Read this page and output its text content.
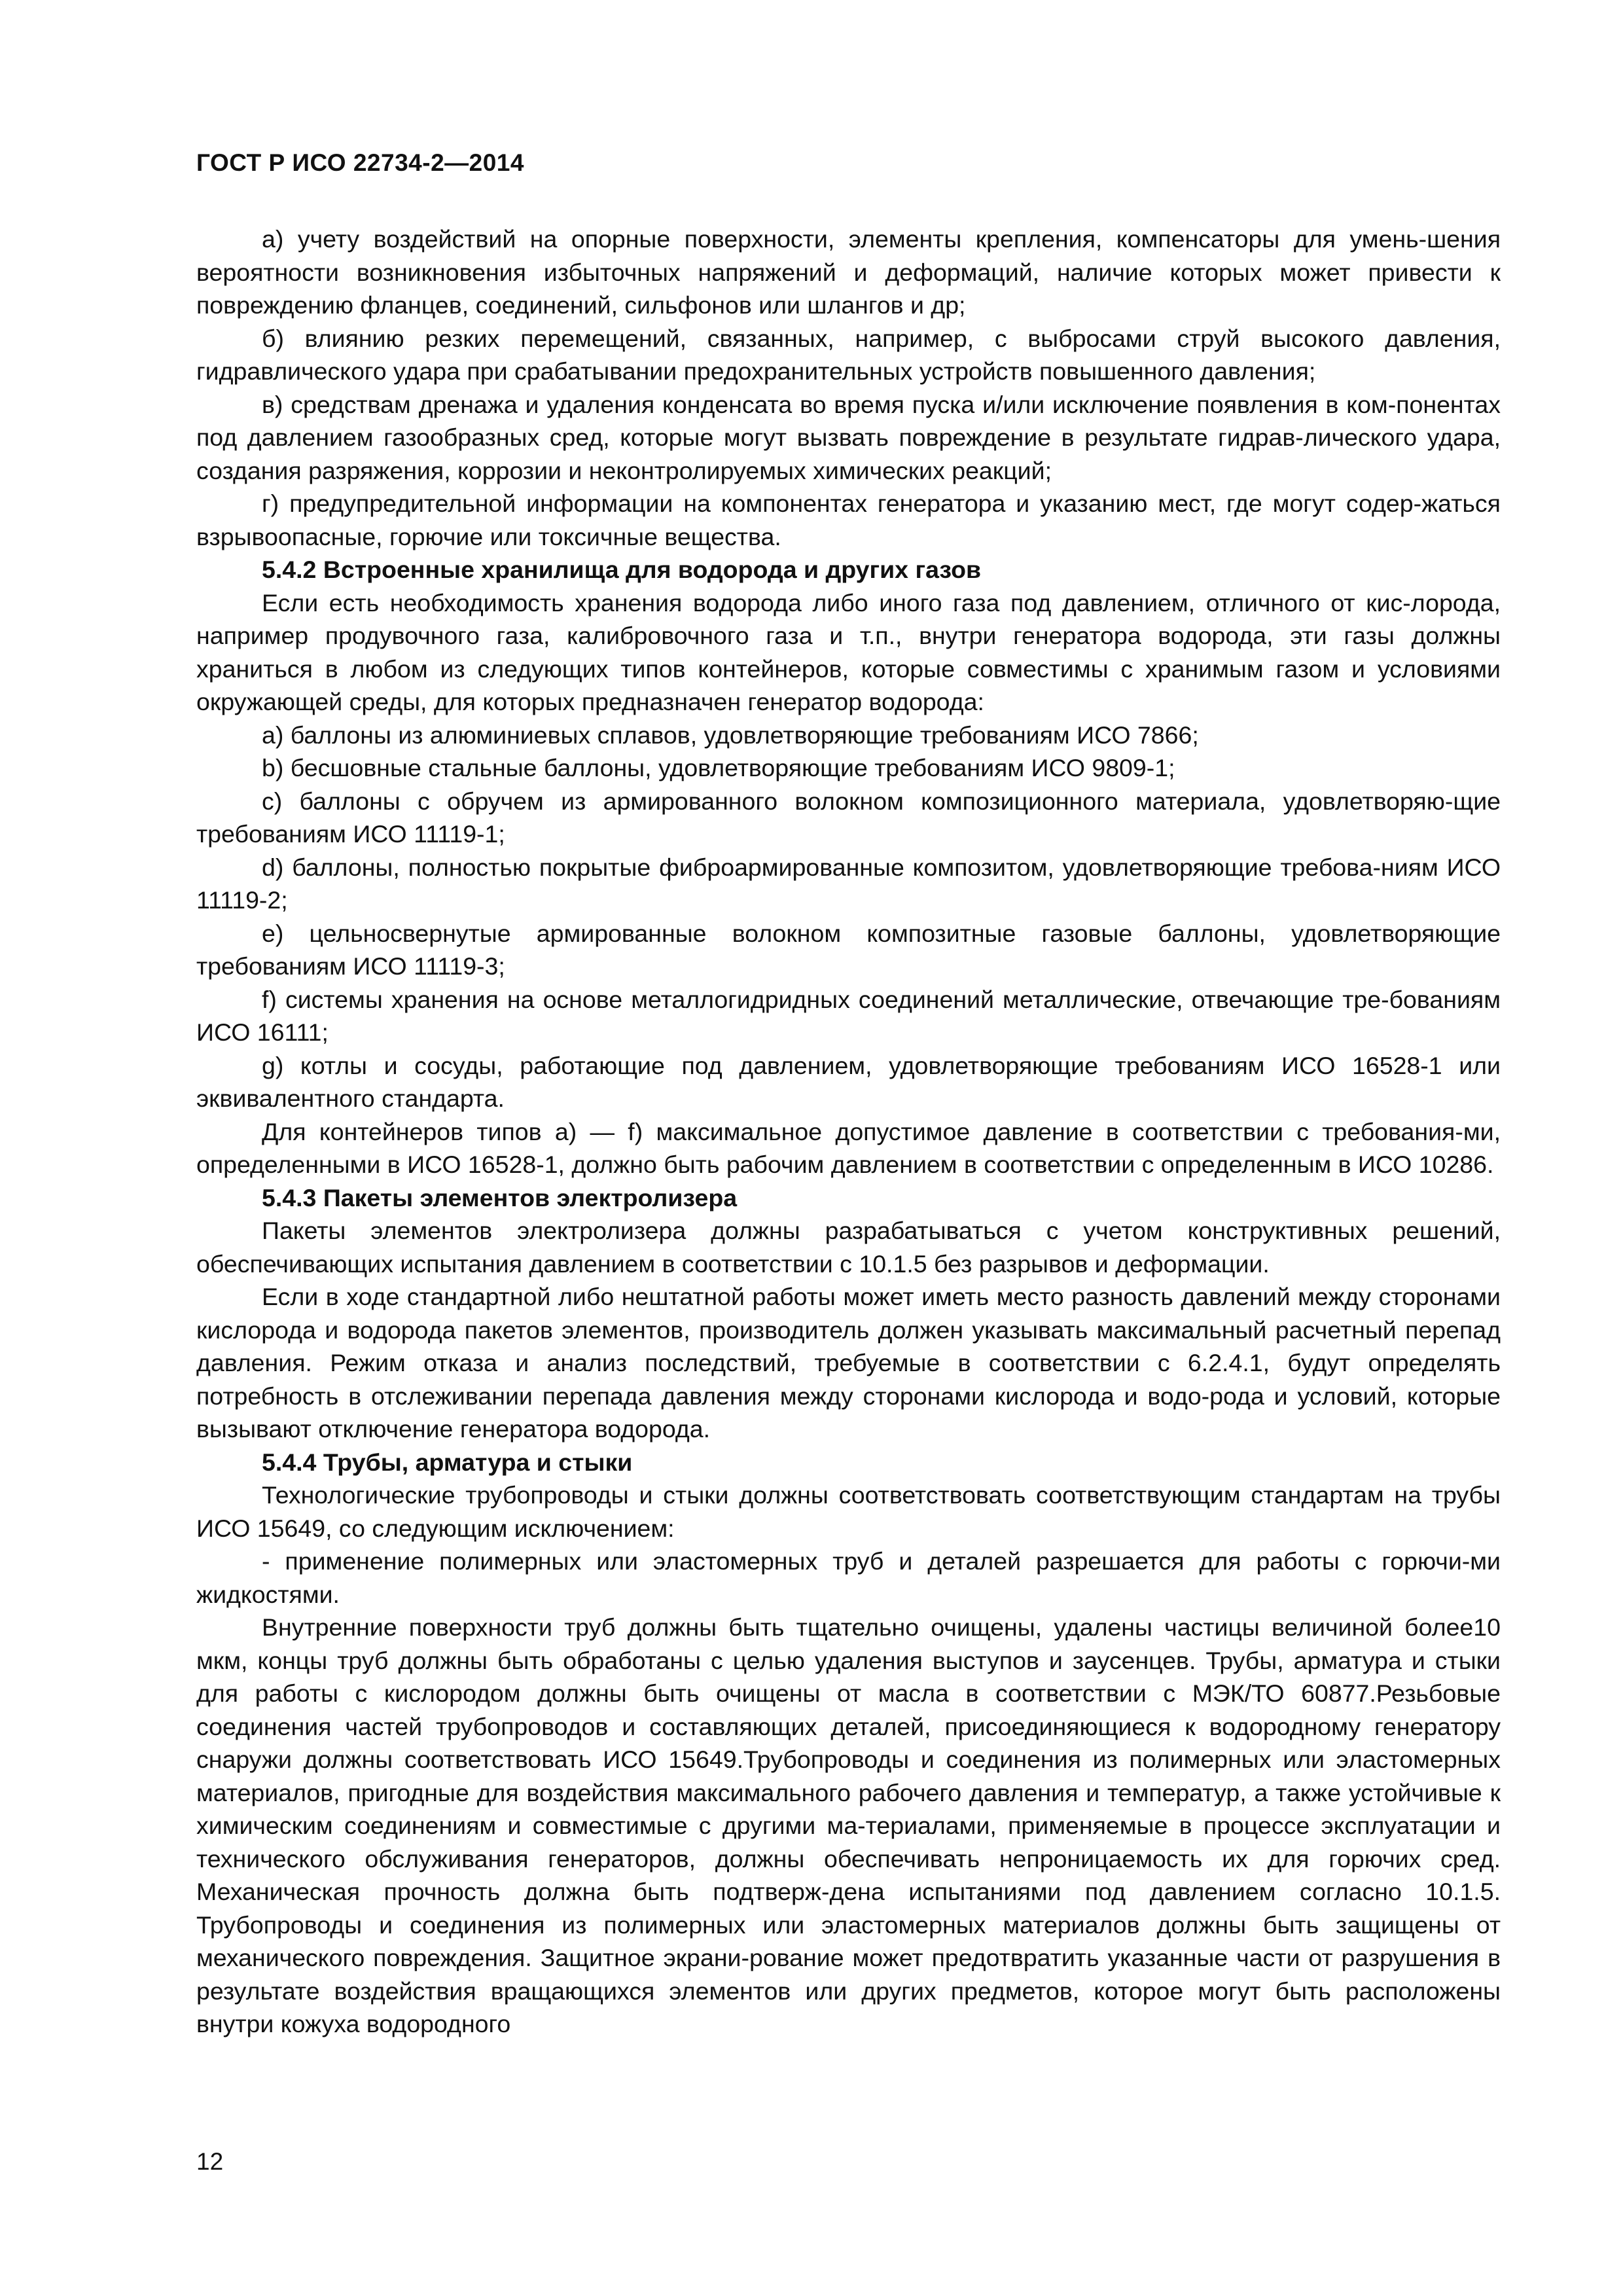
ГОСТ Р ИСО 22734-2—2014

а) учету воздействий на опорные поверхности, элементы крепления, компенсаторы для умень-шения вероятности возникновения избыточных напряжений и деформаций, наличие которых может привести к повреждению фланцев, соединений, сильфонов или шлангов и др;

б) влиянию резких перемещений, связанных, например, с выбросами струй высокого давления, гидравлического удара при срабатывании предохранительных устройств повышенного давления;

в) средствам дренажа и удаления конденсата во время пуска и/или исключение появления в ком-понентах под давлением газообразных сред, которые могут вызвать повреждение в результате гидрав-лического удара, создания разряжения, коррозии и неконтролируемых химических реакций;

г) предупредительной информации на компонентах генератора и указанию мест, где могут содер-жаться взрывоопасные, горючие или токсичные вещества.

5.4.2 Встроенные хранилища для водорода и других газов

Если есть необходимость хранения водорода либо иного газа под давлением, отличного от кис-лорода, например продувочного газа, калибровочного газа и т.п., внутри генератора водорода, эти газы должны храниться в любом из следующих типов контейнеров, которые совместимы с хранимым газом и условиями окружающей среды, для которых предназначен генератор водорода:

a) баллоны из алюминиевых сплавов, удовлетворяющие требованиям ИСО 7866;

b) бесшовные стальные баллоны, удовлетворяющие требованиям ИСО 9809-1;

c) баллоны с обручем из армированного волокном композиционного материала, удовлетворяю-щие требованиям ИСО 11119-1;

d) баллоны, полностью покрытые фиброармированные композитом, удовлетворяющие требова-ниям ИСО 11119-2;

e) цельносвернутые армированные волокном композитные газовые баллоны, удовлетворяющие требованиям ИСО 11119-3;

f) системы хранения на основе металлогидридных соединений металлические, отвечающие тре-бованиям ИСО 16111;

g) котлы и сосуды, работающие под давлением, удовлетворяющие требованиям ИСО 16528-1 или эквивалентного стандарта.

Для контейнеров типов a) — f) максимальное допустимое давление в соответствии с требования-ми, определенными в ИСО 16528-1, должно быть рабочим давлением в соответствии с определенным в ИСО 10286.

5.4.3 Пакеты элементов электролизера

Пакеты элементов электролизера должны разрабатываться с учетом конструктивных решений, обеспечивающих испытания давлением в соответствии с 10.1.5 без разрывов и деформации.

Если в ходе стандартной либо нештатной работы может иметь место разность давлений между сторонами кислорода и водорода пакетов элементов, производитель должен указывать максимальный расчетный перепад давления. Режим отказа и анализ последствий, требуемые в соответствии с 6.2.4.1, будут определять потребность в отслеживании перепада давления между сторонами кислорода и водо-рода и условий, которые вызывают отключение генератора водорода.

5.4.4 Трубы, арматура и стыки

Технологические трубопроводы и стыки должны соответствовать соответствующим стандартам на трубы ИСО 15649, со следующим исключением:

- применение полимерных или эластомерных труб и деталей разрешается для работы с горючи-ми жидкостями.

Внутренние поверхности труб должны быть тщательно очищены, удалены частицы величиной более10 мкм, концы труб должны быть обработаны с целью удаления выступов и заусенцев. Трубы, арматура и стыки для работы с кислородом должны быть очищены от масла в соответствии с МЭК/ТО 60877.Резьбовые соединения частей трубопроводов и составляющих деталей, присоединяющиеся к водородному генератору снаружи должны соответствовать ИСО 15649.Трубопроводы и соединения из полимерных или эластомерных материалов, пригодные для воздействия максимального рабочего давления и температур, а также устойчивые к химическим соединениям и совместимые с другими ма-териалами, применяемые в процессе эксплуатации и технического обслуживания генераторов, должны обеспечивать непроницаемость их для горючих сред. Механическая прочность должна быть подтверж-дена испытаниями под давлением согласно 10.1.5. Трубопроводы и соединения из полимерных или эластомерных материалов должны быть защищены от механического повреждения. Защитное экрани-рование может предотвратить указанные части от разрушения в результате воздействия вращающихся элементов или других предметов, которое могут быть расположены внутри кожуха водородного

12
